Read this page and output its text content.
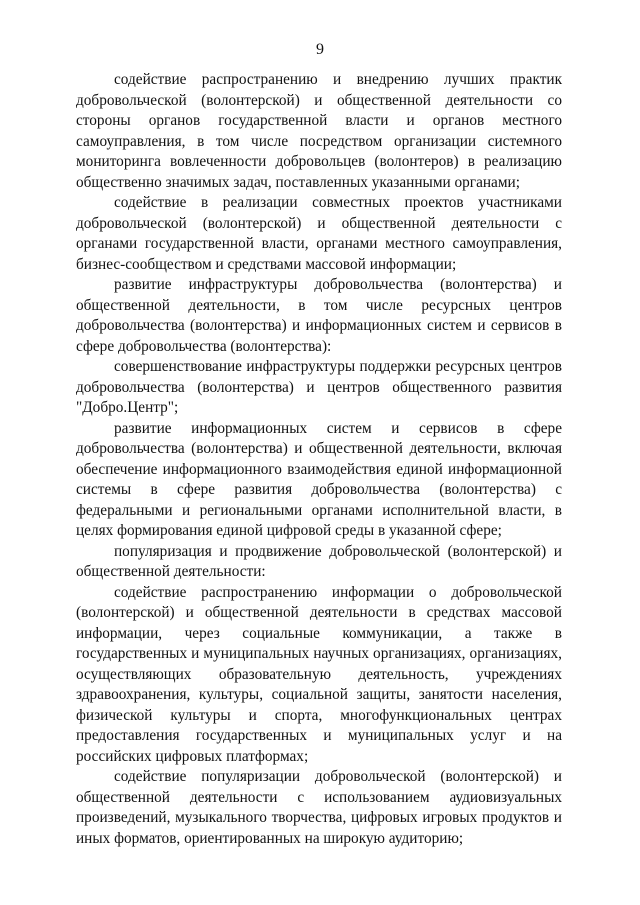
9

содействие распространению и внедрению лучших практик добровольческой (волонтерской) и общественной деятельности со стороны органов государственной власти и органов местного самоуправления, в том числе посредством организации системного мониторинга вовлеченности добровольцев (волонтеров) в реализацию общественно значимых задач, поставленных указанными органами;

содействие в реализации совместных проектов участниками добровольческой (волонтерской) и общественной деятельности с органами государственной власти, органами местного самоуправления, бизнес-сообществом и средствами массовой информации;

развитие инфраструктуры добровольчества (волонтерства) и общественной деятельности, в том числе ресурсных центров добровольчества (волонтерства) и информационных систем и сервисов в сфере добровольчества (волонтерства):

совершенствование инфраструктуры поддержки ресурсных центров добровольчества (волонтерства) и центров общественного развития "Добро.Центр";

развитие информационных систем и сервисов в сфере добровольчества (волонтерства) и общественной деятельности, включая обеспечение информационного взаимодействия единой информационной системы в сфере развития добровольчества (волонтерства) с федеральными и региональными органами исполнительной власти, в целях формирования единой цифровой среды в указанной сфере;

популяризация и продвижение добровольческой (волонтерской) и общественной деятельности:

содействие распространению информации о добровольческой (волонтерской) и общественной деятельности в средствах массовой информации, через социальные коммуникации, а также в государственных и муниципальных научных организациях, организациях, осуществляющих образовательную деятельность, учреждениях здравоохранения, культуры, социальной защиты, занятости населения, физической культуры и спорта, многофункциональных центрах предоставления государственных и муниципальных услуг и на российских цифровых платформах;

содействие популяризации добровольческой (волонтерской) и общественной деятельности с использованием аудиовизуальных произведений, музыкального творчества, цифровых игровых продуктов и иных форматов, ориентированных на широкую аудиторию;
